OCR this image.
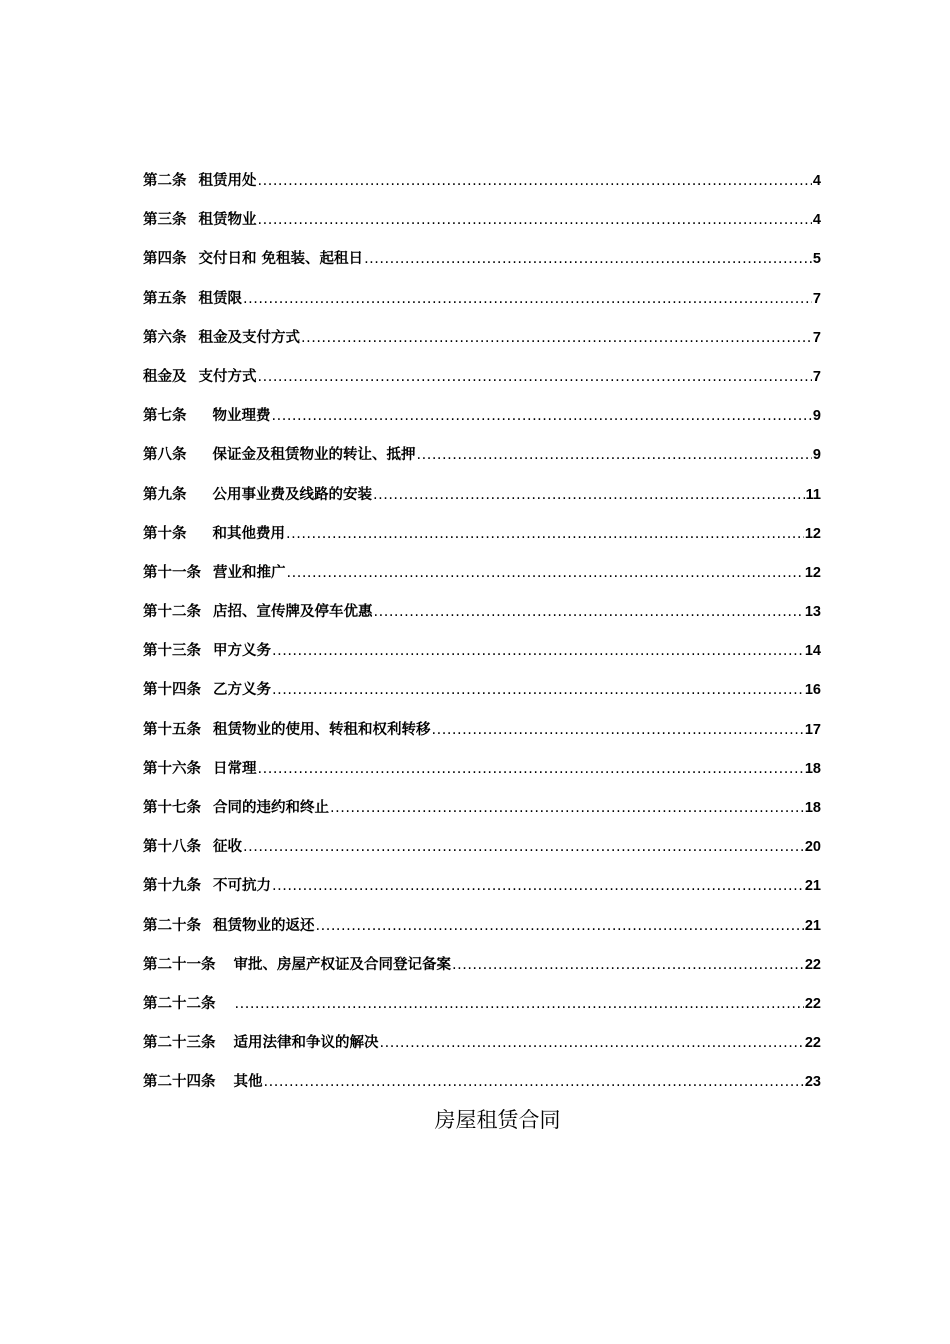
第二条 租赁用处 .....	4
第三条 租赁物业 .....	4
第四条 交付日和 免租装、起租日 .....	5
第五条 租赁限 .....	7
第六条 租金及支付方式 .....	7
租金及 支付方式 .....	7
第七条 物业理费 .....	9
第八条 保证金及租赁物业的转让、抵押 .....	9
第九条 公用事业费及线路的安装 .....	11
第十条 和其他费用 .....	12
第十一条 营业和推广 .....	12
第十二条 店招、宣传牌及停车优惠 .....	13
第十三条 甲方义务 .....	14
第十四条 乙方义务 .....	16
第十五条 租赁物业的使用、转租和权利转移 .....	17
第十六条 日常理 .....	18
第十七条 合同的违约和终止 .....	18
第十八条 征收 .....	20
第十九条 不可抗力 .....	21
第二十条 租赁物业的返还 .....	21
第二十一条 审批、房屋产权证及合同登记备案 .....	22
第二十二条 .....	22
第二十三条 适用法律和争议的解决 .....	22
第二十四条 其他 .....	23
房屋租赁合同
